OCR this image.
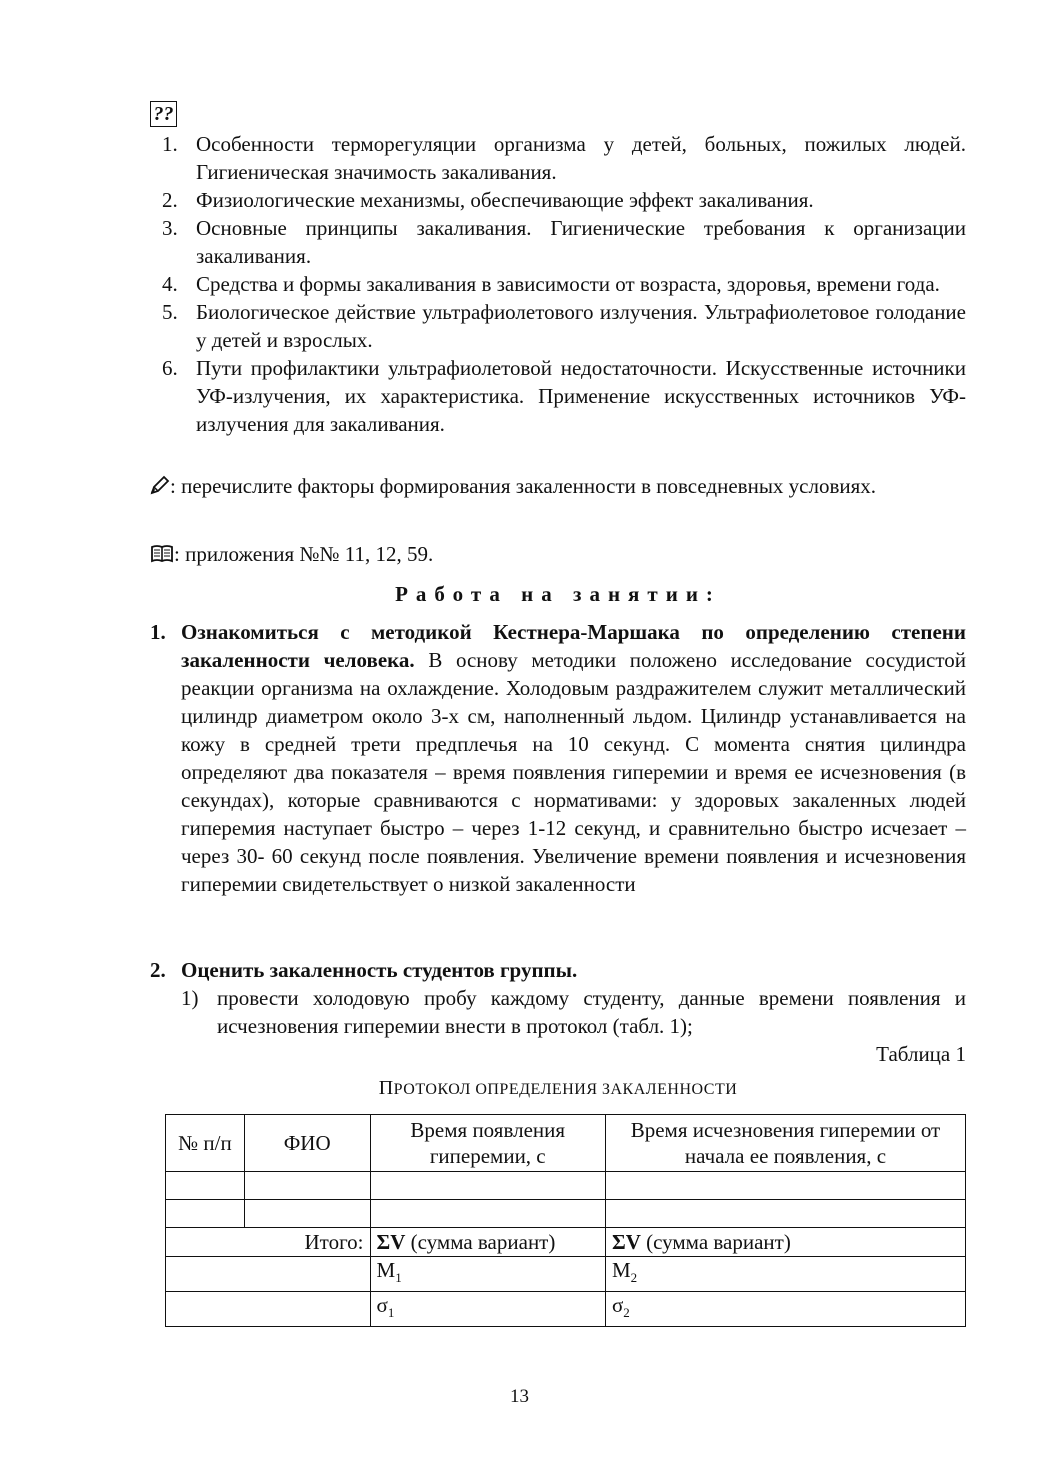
??

1. Особенности терморегуляции организма у детей, больных, пожилых людей. Гигиеническая значимость закаливания.

2. Физиологические механизмы, обеспечивающие эффект закаливания.

3. Основные принципы закаливания. Гигиенические требования к организации закаливания.

4. Средства и формы закаливания в зависимости от возраста, здоровья, времени года.

5. Биологическое действие ультрафиолетового излучения. Ультрафиолетовое голодание у детей и взрослых.

6. Пути профилактики ультрафиолетовой недостаточности. Искусственные источники УФ-излучения, их характеристика. Применение искусственных источников УФ-излучения для закаливания.

: перечислите факторы формирования закаленности в повседневных условиях.
: приложения №№ 11, 12, 59.
Работа на занятии:
1. Ознакомиться с методикой Кестнера-Маршака по определению степени закаленности человека. В основу методики положено исследование сосудистой реакции организма на охлаждение. Холодовым раздражителем служит металлический цилиндр диаметром около 3-х см, наполненный льдом. Цилиндр устанавливается на кожу в средней трети предплечья на 10 секунд. С момента снятия цилиндра определяют два показателя – время появления гиперемии и время ее исчезновения (в секундах), которые сравниваются с нормативами: у здоровых закаленных людей гиперемия наступает быстро – через 1-12 секунд, и сравнительно быстро исчезает – через 30- 60 секунд после появления. Увеличение времени появления и исчезновения гиперемии свидетельствует о низкой закаленности
2. Оценить закаленность студентов группы.
1) провести холодовую пробу каждому студенту, данные времени появления и исчезновения гиперемии внести в протокол (табл. 1);
Таблица 1
ПРОТОКОЛ ОПРЕДЕЛЕНИЯ ЗАКАЛЕННОСТИ
№ п/п	ФИО	Время появления гиперемии, с	Время исчезновения гиперемии от начала ее появления, с

Итого:		ΣV (сумма вариант)	ΣV (сумма вариант)
		$M_1$	$M_2$
		$\sigma_1$	$\sigma_2$
13
